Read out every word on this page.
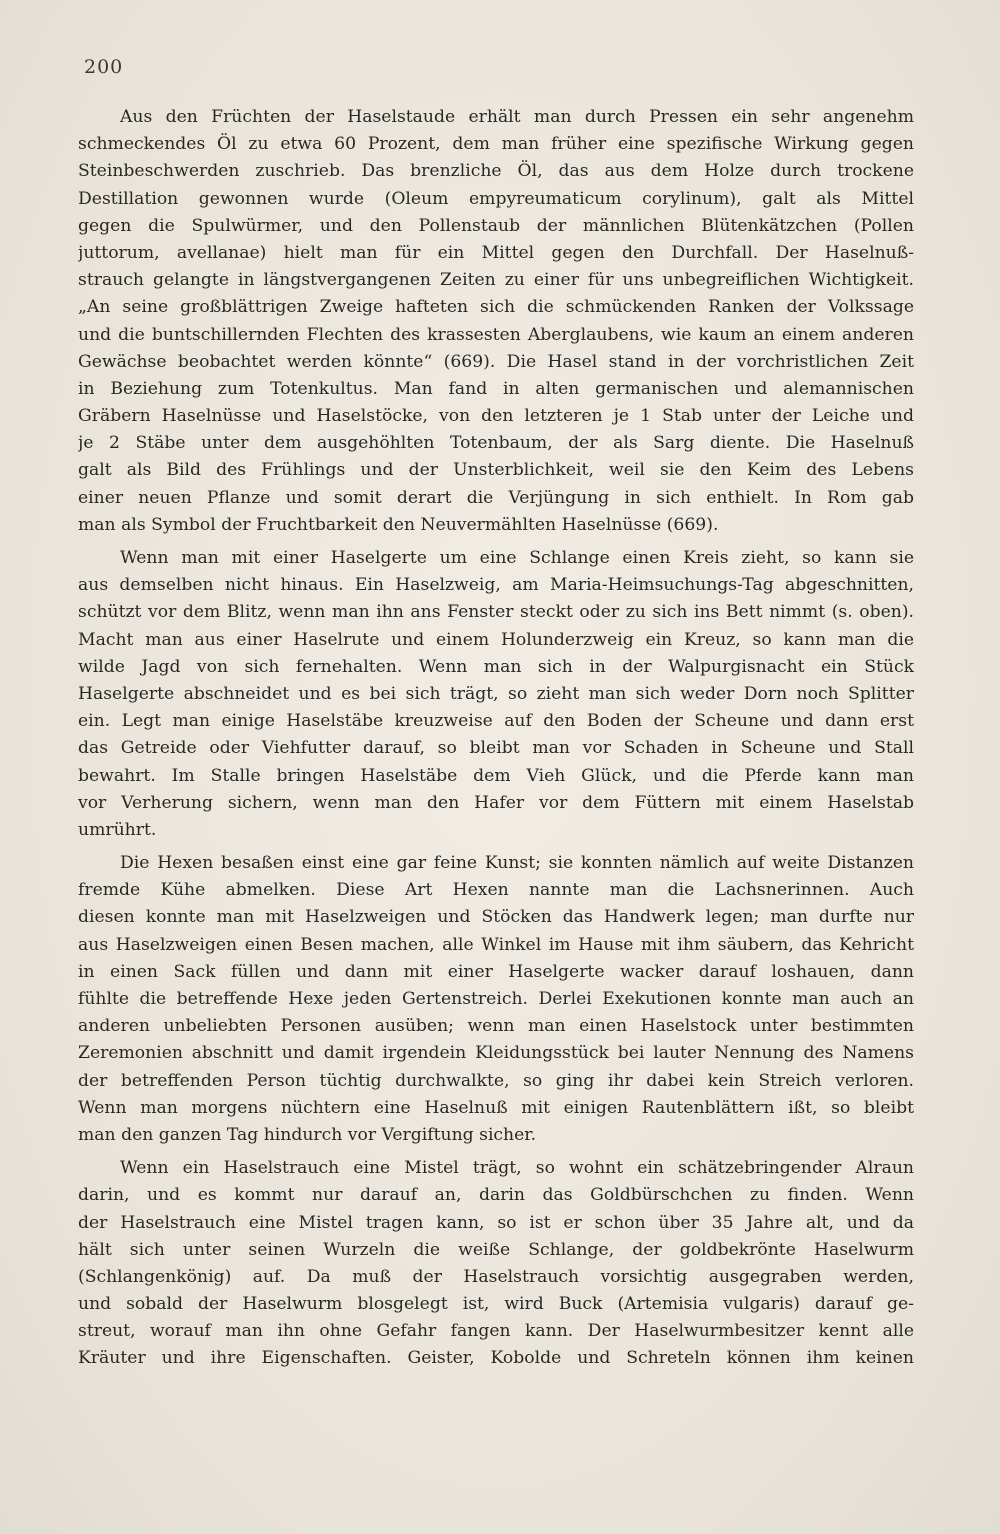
200
Aus den Früchten der Haselstaude erhält man durch Pressen ein sehr angenehm
schmeckendes Öl zu etwa 60 Prozent, dem man früher eine spezifische Wirkung gegen
Steinbeschwerden zuschrieb. Das brenzliche Öl, das aus dem Holze durch trockene
Destillation gewonnen wurde (Oleum empyreumaticum corylinum), galt als Mittel
gegen die Spulwürmer, und den Pollenstaub der männlichen Blütenkätzchen (Pollen
juttorum, avellanae) hielt man für ein Mittel gegen den Durchfall. Der Haselnuß-
strauch gelangte in längstvergangenen Zeiten zu einer für uns unbegreiflichen Wichtigkeit.
„An seine großblättrigen Zweige hafteten sich die schmückenden Ranken der Volkssage
und die buntschillernden Flechten des krassesten Aberglaubens, wie kaum an einem anderen
Gewächse beobachtet werden könnte“ (669). Die Hasel stand in der vorchristlichen Zeit
in Beziehung zum Totenkultus. Man fand in alten germanischen und alemannischen
Gräbern Haselnüsse und Haselstöcke, von den letzteren je 1 Stab unter der Leiche und
je 2 Stäbe unter dem ausgehöhlten Totenbaum, der als Sarg diente. Die Haselnuß
galt als Bild des Frühlings und der Unsterblichkeit, weil sie den Keim des Lebens
einer neuen Pflanze und somit derart die Verjüngung in sich enthielt. In Rom gab
man als Symbol der Fruchtbarkeit den Neuvermählten Haselnüsse (669).
Wenn man mit einer Haselgerte um eine Schlange einen Kreis zieht, so kann sie
aus demselben nicht hinaus. Ein Haselzweig, am Maria-Heimsuchungs-Tag abgeschnitten,
schützt vor dem Blitz, wenn man ihn ans Fenster steckt oder zu sich ins Bett nimmt (s. oben).
Macht man aus einer Haselrute und einem Holunderzweig ein Kreuz, so kann man die
wilde Jagd von sich fernehalten. Wenn man sich in der Walpurgisnacht ein Stück
Haselgerte abschneidet und es bei sich trägt, so zieht man sich weder Dorn noch Splitter
ein. Legt man einige Haselstäbe kreuzweise auf den Boden der Scheune und dann erst
das Getreide oder Viehfutter darauf, so bleibt man vor Schaden in Scheune und Stall
bewahrt. Im Stalle bringen Haselstäbe dem Vieh Glück, und die Pferde kann man
vor Verherung sichern, wenn man den Hafer vor dem Füttern mit einem Haselstab
umrührt.
Die Hexen besaßen einst eine gar feine Kunst; sie konnten nämlich auf weite Distanzen
fremde Kühe abmelken. Diese Art Hexen nannte man die Lachsnerinnen. Auch
diesen konnte man mit Haselzweigen und Stöcken das Handwerk legen; man durfte nur
aus Haselzweigen einen Besen machen, alle Winkel im Hause mit ihm säubern, das Kehricht
in einen Sack füllen und dann mit einer Haselgerte wacker darauf loshauen, dann
fühlte die betreffende Hexe jeden Gertenstreich. Derlei Exekutionen konnte man auch an
anderen unbeliebten Personen ausüben; wenn man einen Haselstock unter bestimmten
Zeremonien abschnitt und damit irgendein Kleidungsstück bei lauter Nennung des Namens
der betreffenden Person tüchtig durchwalkte, so ging ihr dabei kein Streich verloren.
Wenn man morgens nüchtern eine Haselnuß mit einigen Rautenblättern ißt, so bleibt
man den ganzen Tag hindurch vor Vergiftung sicher.
Wenn ein Haselstrauch eine Mistel trägt, so wohnt ein schätzebringender Alraun
darin, und es kommt nur darauf an, darin das Goldbürschchen zu finden. Wenn
der Haselstrauch eine Mistel tragen kann, so ist er schon über 35 Jahre alt, und da
hält sich unter seinen Wurzeln die weiße Schlange, der goldbekrönte Haselwurm
(Schlangenkönig) auf. Da muß der Haselstrauch vorsichtig ausgegraben werden,
und sobald der Haselwurm blosgelegt ist, wird Buck (Artemisia vulgaris) darauf ge-
streut, worauf man ihn ohne Gefahr fangen kann. Der Haselwurmbesitzer kennt alle
Kräuter und ihre Eigenschaften. Geister, Kobolde und Schreteln können ihm keinen
